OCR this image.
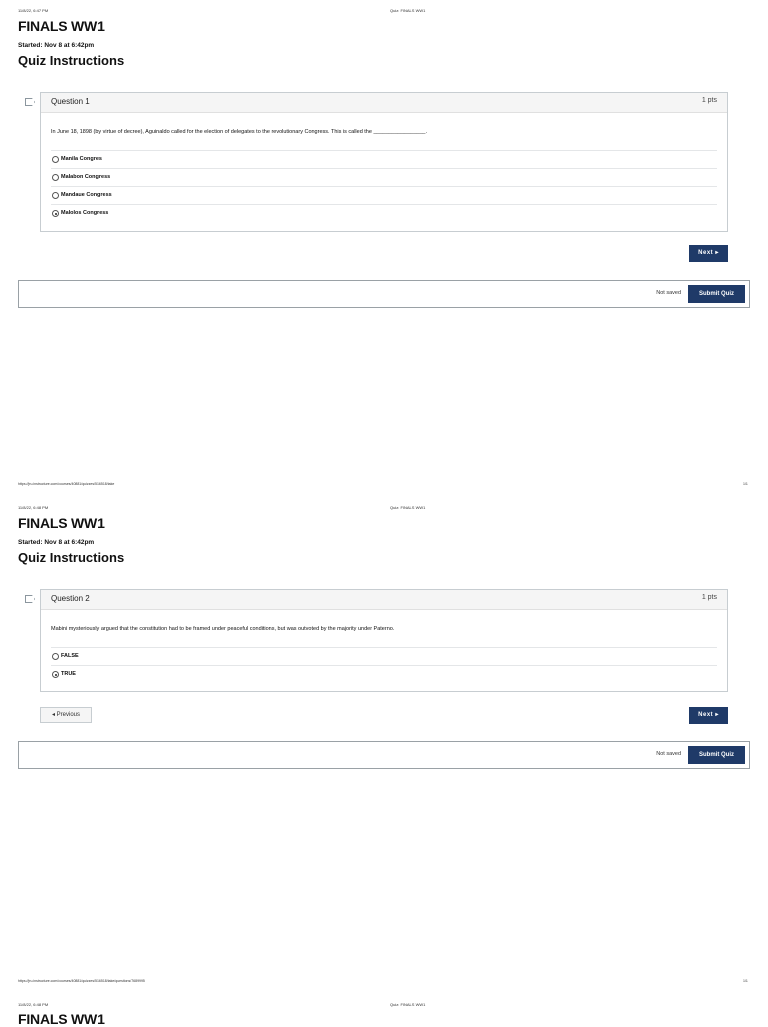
11/8/22, 6:47 PM	Quiz: FINALS WW1
FINALS WW1
Started: Nov 8 at 6:42pm
Quiz Instructions
Question 1	1 pts
In June 18, 1898 (by virtue of decree), Aguinaldo called for the election of delegates to the revolutionary Congress. This is called the _________________.
Manila Congres
Malabon Congress
Mandaue Congress
Malolos Congress
Next ▸
Not saved	Submit Quiz
https://jru.instructure.com/courses/40881/quizzes/516518/take	1/1
11/8/22, 6:48 PM	Quiz: FINALS WW1
FINALS WW1
Started: Nov 8 at 6:42pm
Quiz Instructions
Question 2	1 pts
Mabini mysteriously argued that the constitution had to be framed under peaceful conditions, but was outvoted by the majority under Paterno.
FALSE
TRUE
◂ Previous	Next ▸
Not saved	Submit Quiz
https://jru.instructure.com/courses/40881/quizzes/516518/take/questions/7689995	1/1
11/8/22, 6:48 PM	Quiz: FINALS WW1
FINALS WW1
